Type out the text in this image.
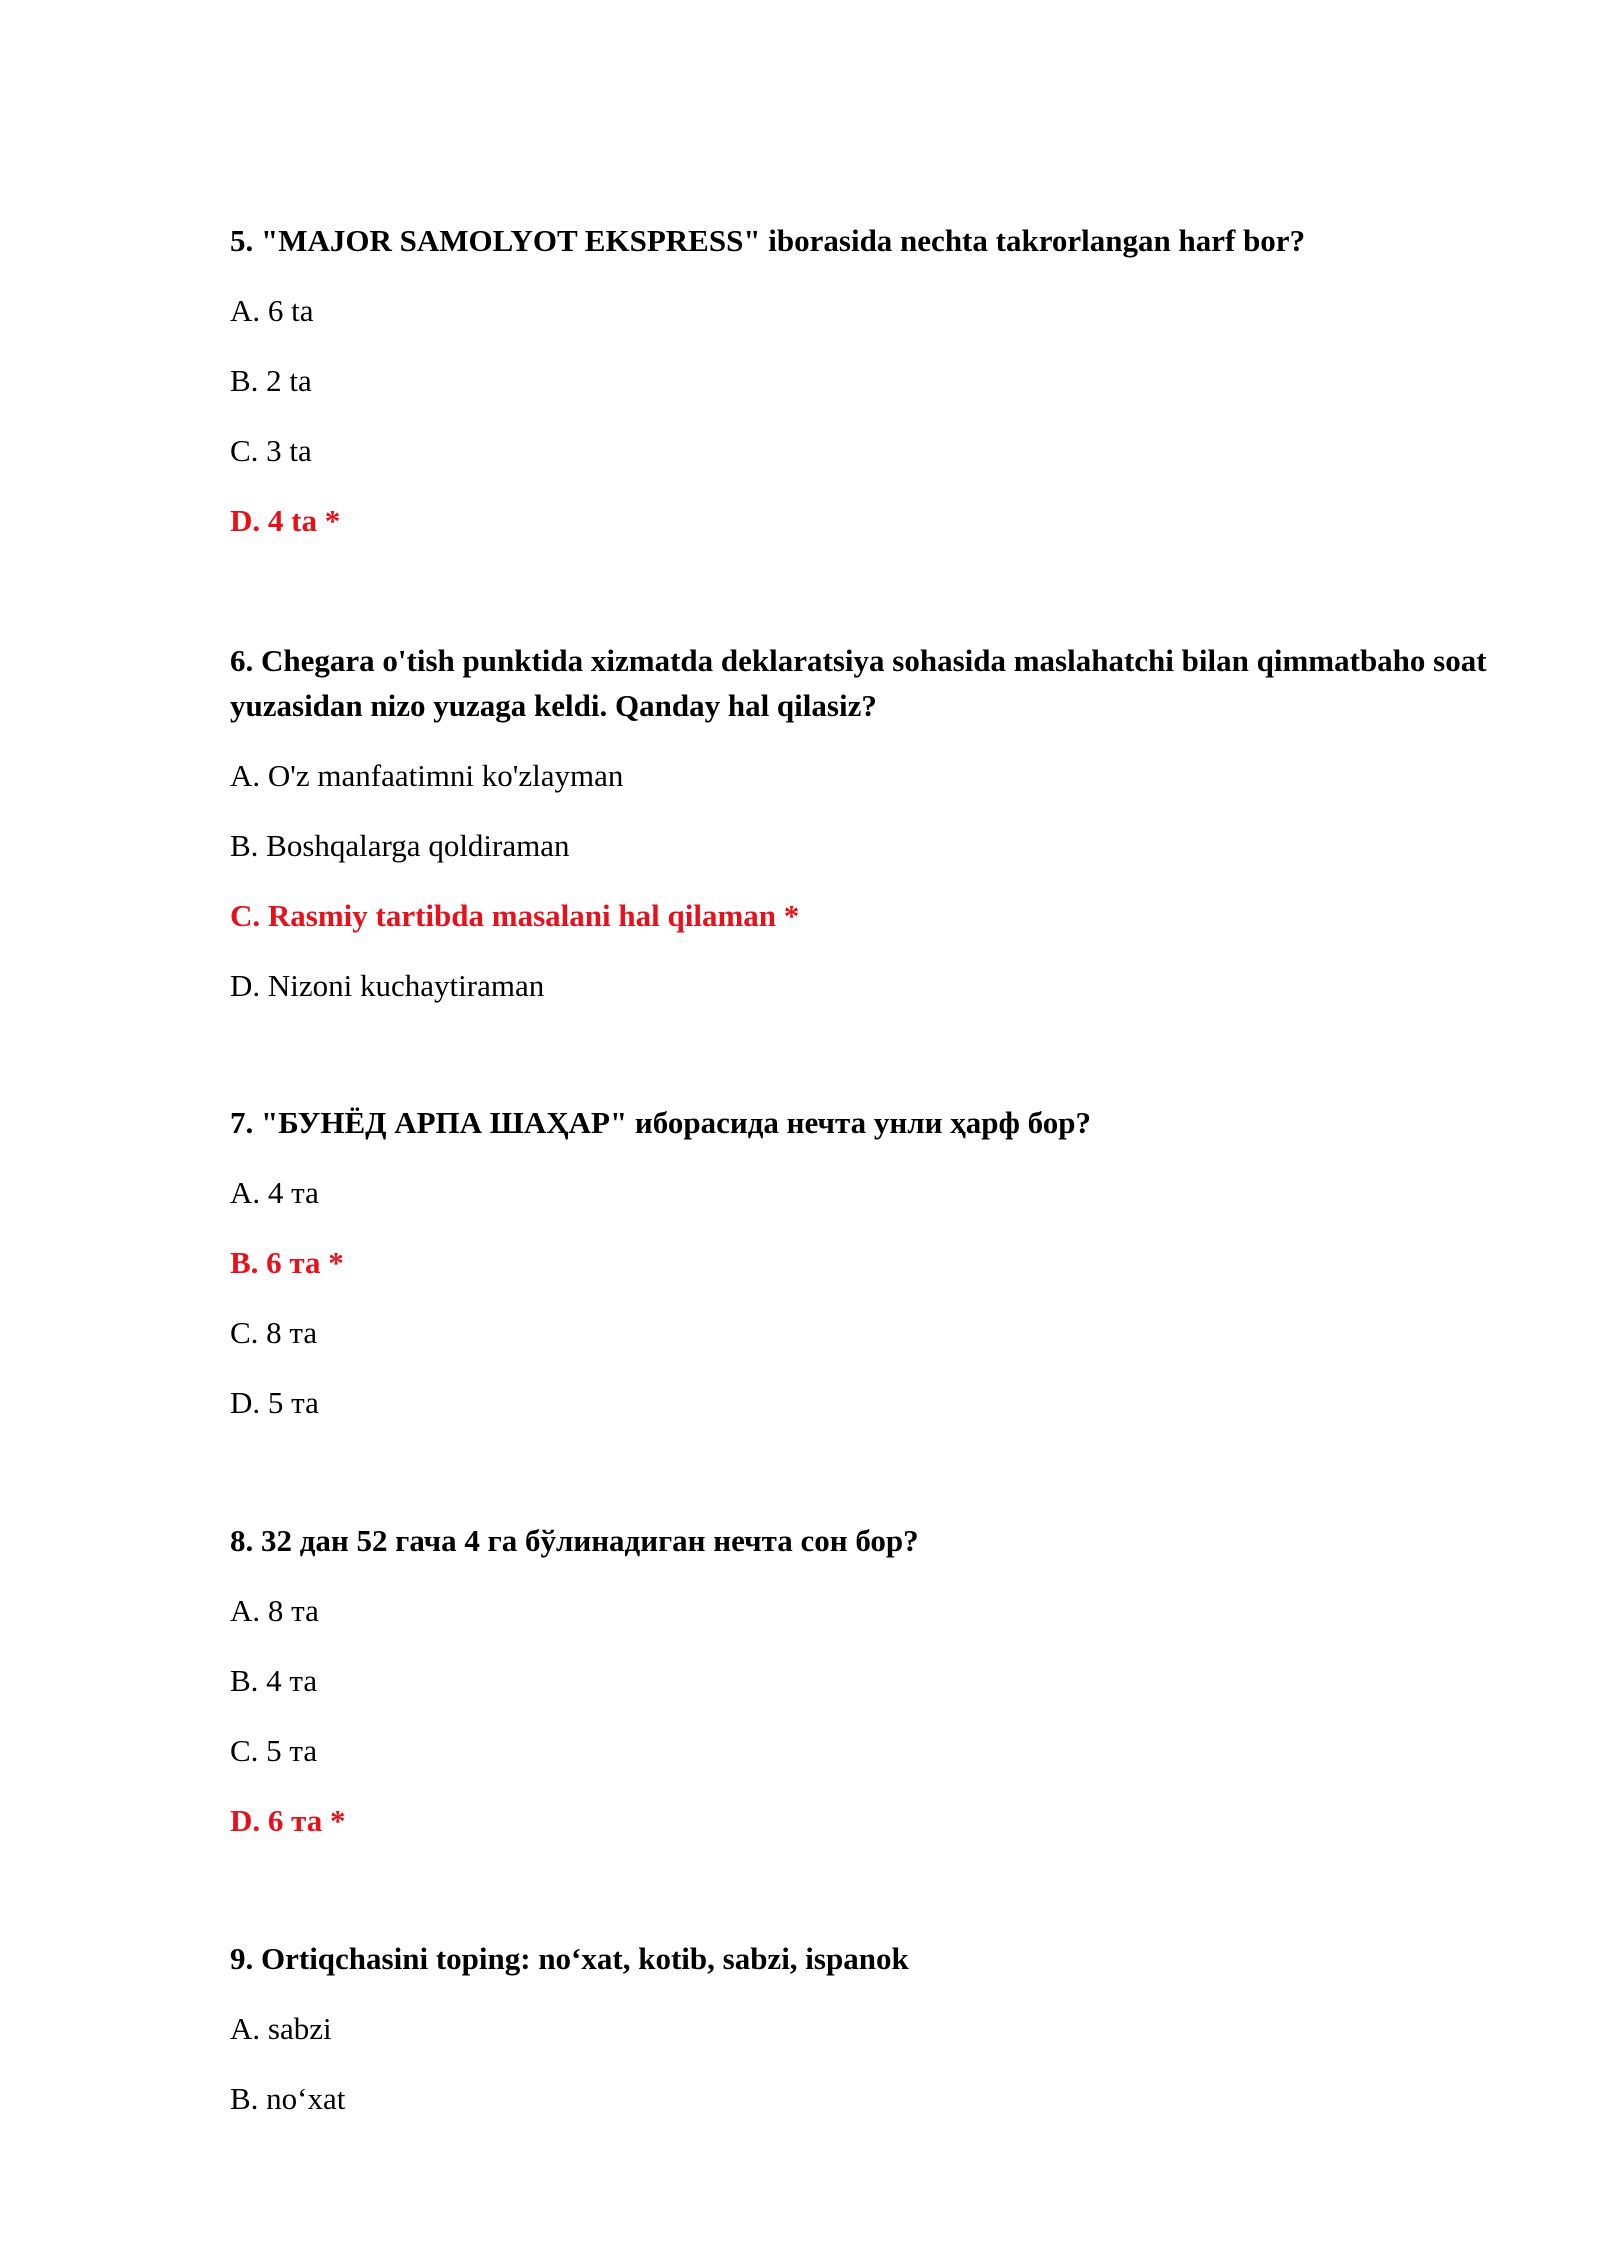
5. "MAJOR SAMOLYOT EKSPRESS" iborasida nechta takrorlangan harf bor?

A. 6 ta

B. 2 ta

C. 3 ta

D. 4 ta *

6. Chegara o'tish punktida xizmatda deklaratsiya sohasida maslahatchi bilan qimmatbaho soat yuzasidan nizo yuzaga keldi. Qanday hal qilasiz?

A. O'z manfaatimni ko'zlayman

B. Boshqalarga qoldiraman

C. Rasmiy tartibda masalani hal qilaman *

D. Nizoni kuchaytiraman

7. "БУНЁД АРПА ШАҲАР" иборасида нечта унли ҳарф бор?

A. 4 та

B. 6 та *

C. 8 та

D. 5 та

8. 32 дан 52 гача 4 га бўлинадиган нечта сон бор?

A. 8 та

B. 4 та

C. 5 та

D. 6 та *

9. Ortiqchasini toping: no‘xat, kotib, sabzi, ispanok

A. sabzi

B. no‘xat
